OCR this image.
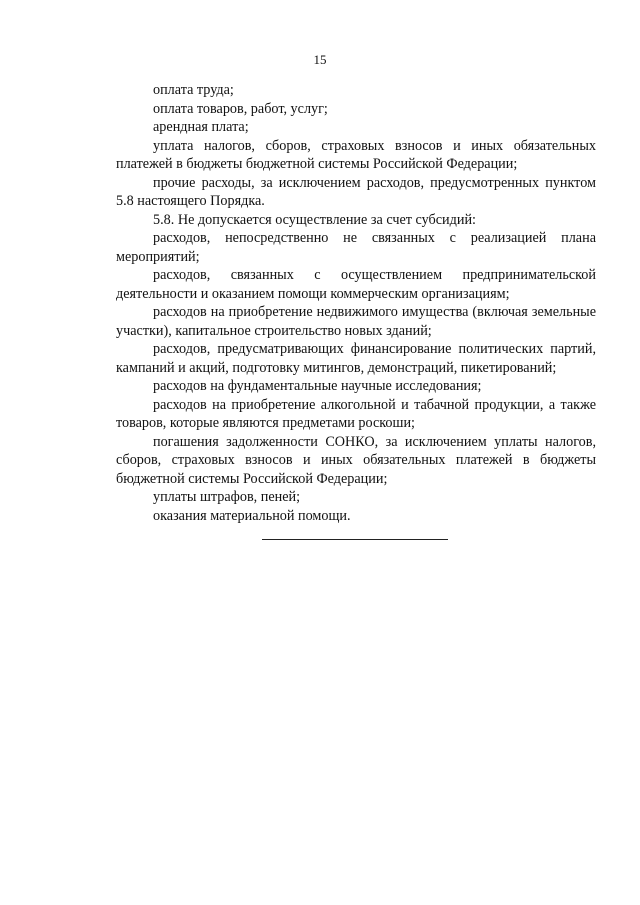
15

оплата труда;

оплата товаров, работ, услуг;

арендная плата;

уплата налогов, сборов, страховых взносов и иных обязательных платежей в бюджеты бюджетной системы Российской Федерации;

прочие расходы, за исключением расходов, предусмотренных пунктом 5.8 настоящего Порядка.

5.8. Не допускается осуществление за счет субсидий:

расходов, непосредственно не связанных с реализацией плана мероприятий;

расходов, связанных с осуществлением предпринимательской деятельности и оказанием помощи коммерческим организациям;

расходов на приобретение недвижимого имущества (включая земельные участки), капитальное строительство новых зданий;

расходов, предусматривающих финансирование политических партий, кампаний и акций, подготовку митингов, демонстраций, пикетирований;

расходов на фундаментальные научные исследования;

расходов на приобретение алкогольной и табачной продукции, а также товаров, которые являются предметами роскоши;

погашения задолженности СОНКО, за исключением уплаты налогов, сборов, страховых взносов и иных обязательных платежей в бюджеты бюджетной системы Российской Федерации;

уплаты штрафов, пеней;

оказания материальной помощи.
